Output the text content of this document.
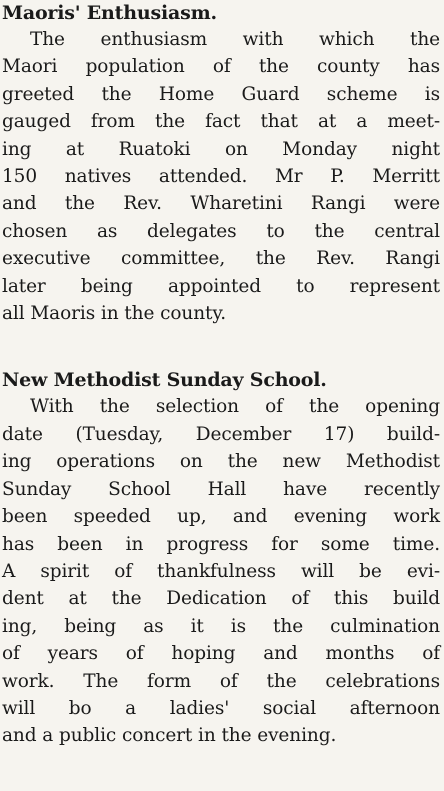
Maoris' Enthusiasm.
The enthusiasm with which the
Maori population of the county has
greeted the Home Guard scheme is
gauged from the fact that at a meet-
ing at Ruatoki on Monday night
150 natives attended. Mr P. Merritt
and the Rev. Wharetini Rangi were
chosen as delegates to the central
executive committee, the Rev. Rangi
later being appointed to represent
all Maoris in the county.
New Methodist Sunday School.
With the selection of the opening
date (Tuesday, December 17) build-
ing operations on the new Methodist
Sunday School Hall have recently
been speeded up, and evening work
has been in progress for some time.
A spirit of thankfulness will be evi-
dent at the Dedication of this build
ing, being as it is the culmination
of years of hoping and months of
work. The form of the celebrations
will bo a ladies' social afternoon
and a public concert in the evening.
